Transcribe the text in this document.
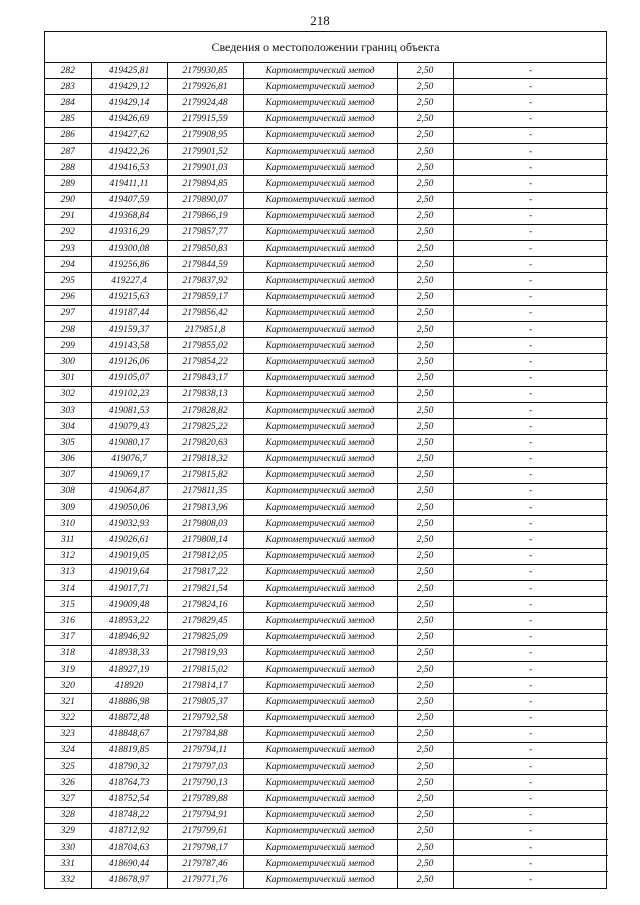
218
Сведения о местоположении границ объекта
282	419425,81	2179930,85	Картометрический метод	2,50	-
283	419429,12	2179926,81	Картометрический метод	2,50	-
284	419429,14	2179924,48	Картометрический метод	2,50	-
285	419426,69	2179915,59	Картометрический метод	2,50	-
286	419427,62	2179908,95	Картометрический метод	2,50	-
287	419422,26	2179901,52	Картометрический метод	2,50	-
288	419416,53	2179901,03	Картометрический метод	2,50	-
289	419411,11	2179894,85	Картометрический метод	2,50	-
290	419407,59	2179890,07	Картометрический метод	2,50	-
291	419368,84	2179866,19	Картометрический метод	2,50	-
292	419316,29	2179857,77	Картометрический метод	2,50	-
293	419300,08	2179850,83	Картометрический метод	2,50	-
294	419256,86	2179844,59	Картометрический метод	2,50	-
295	419227,4	2179837,92	Картометрический метод	2,50	-
296	419215,63	2179859,17	Картометрический метод	2,50	-
297	419187,44	2179856,42	Картометрический метод	2,50	-
298	419159,37	2179851,8	Картометрический метод	2,50	-
299	419143,58	2179855,02	Картометрический метод	2,50	-
300	419126,06	2179854,22	Картометрический метод	2,50	-
301	419105,07	2179843,17	Картометрический метод	2,50	-
302	419102,23	2179838,13	Картометрический метод	2,50	-
303	419081,53	2179828,82	Картометрический метод	2,50	-
304	419079,43	2179825,22	Картометрический метод	2,50	-
305	419080,17	2179820,63	Картометрический метод	2,50	-
306	419076,7	2179818,32	Картометрический метод	2,50	-
307	419069,17	2179815,82	Картометрический метод	2,50	-
308	419064,87	2179811,35	Картометрический метод	2,50	-
309	419050,06	2179813,96	Картометрический метод	2,50	-
310	419032,93	2179808,03	Картометрический метод	2,50	-
311	419026,61	2179808,14	Картометрический метод	2,50	-
312	419019,05	2179812,05	Картометрический метод	2,50	-
313	419019,64	2179817,22	Картометрический метод	2,50	-
314	419017,71	2179821,54	Картометрический метод	2,50	-
315	419009,48	2179824,16	Картометрический метод	2,50	-
316	418953,22	2179829,45	Картометрический метод	2,50	-
317	418946,92	2179825,09	Картометрический метод	2,50	-
318	418938,33	2179819,93	Картометрический метод	2,50	-
319	418927,19	2179815,02	Картометрический метод	2,50	-
320	418920	2179814,17	Картометрический метод	2,50	-
321	418886,98	2179805,37	Картометрический метод	2,50	-
322	418872,48	2179792,58	Картометрический метод	2,50	-
323	418848,67	2179784,88	Картометрический метод	2,50	-
324	418819,85	2179794,11	Картометрический метод	2,50	-
325	418790,32	2179797,03	Картометрический метод	2,50	-
326	418764,73	2179790,13	Картометрический метод	2,50	-
327	418752,54	2179789,88	Картометрический метод	2,50	-
328	418748,22	2179794,91	Картометрический метод	2,50	-
329	418712,92	2179799,61	Картометрический метод	2,50	-
330	418704,63	2179798,17	Картометрический метод	2,50	-
331	418690,44	2179787,46	Картометрический метод	2,50	-
332	418678,97	2179771,76	Картометрический метод	2,50	-
